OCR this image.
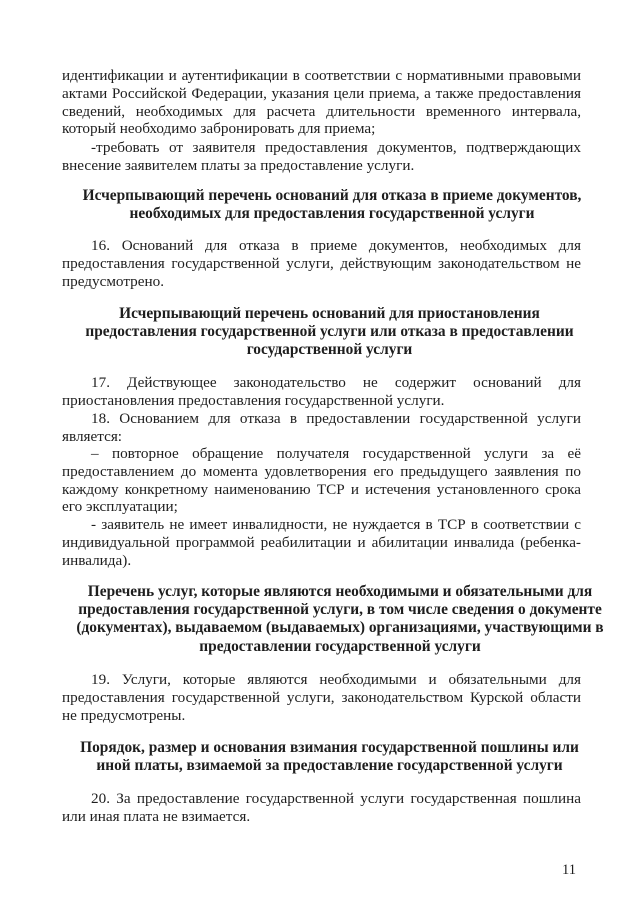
идентификации и аутентификации в соответствии с нормативными правовыми актами Российской Федерации, указания цели приема, а также предоставления сведений, необходимых для расчета длительности временного интервала, который необходимо забронировать для приема;

-требовать от заявителя предоставления документов, подтверждающих внесение заявителем платы за предоставление услуги.

Исчерпывающий перечень оснований для отказа в приеме документов, необходимых для предоставления государственной услуги

16. Оснований для отказа в приеме документов, необходимых для предоставления государственной услуги, действующим законодательством не предусмотрено.

Исчерпывающий перечень оснований для приостановления предоставления государственной услуги или отказа в предоставлении государственной услуги

17. Действующее законодательство не содержит оснований для приостановления предоставления государственной услуги.

18. Основанием для отказа в предоставлении государственной услуги является:

– повторное обращение получателя государственной услуги за её предоставлением до момента удовлетворения его предыдущего заявления по каждому конкретному наименованию ТСР и истечения установленного срока его эксплуатации;

- заявитель не имеет инвалидности, не нуждается в ТСР в соответствии с индивидуальной программой реабилитации и абилитации инвалида (ребенка-инвалида).

Перечень услуг, которые являются необходимыми и обязательными для предоставления государственной услуги, в том числе сведения о документе (документах), выдаваемом (выдаваемых) организациями, участвующими в предоставлении государственной услуги

19. Услуги, которые являются необходимыми и обязательными для предоставления государственной услуги, законодательством Курской области не предусмотрены.

Порядок, размер и основания взимания государственной пошлины или иной платы, взимаемой за предоставление государственной услуги

20. За предоставление государственной услуги государственная пошлина или иная плата не взимается.

11
